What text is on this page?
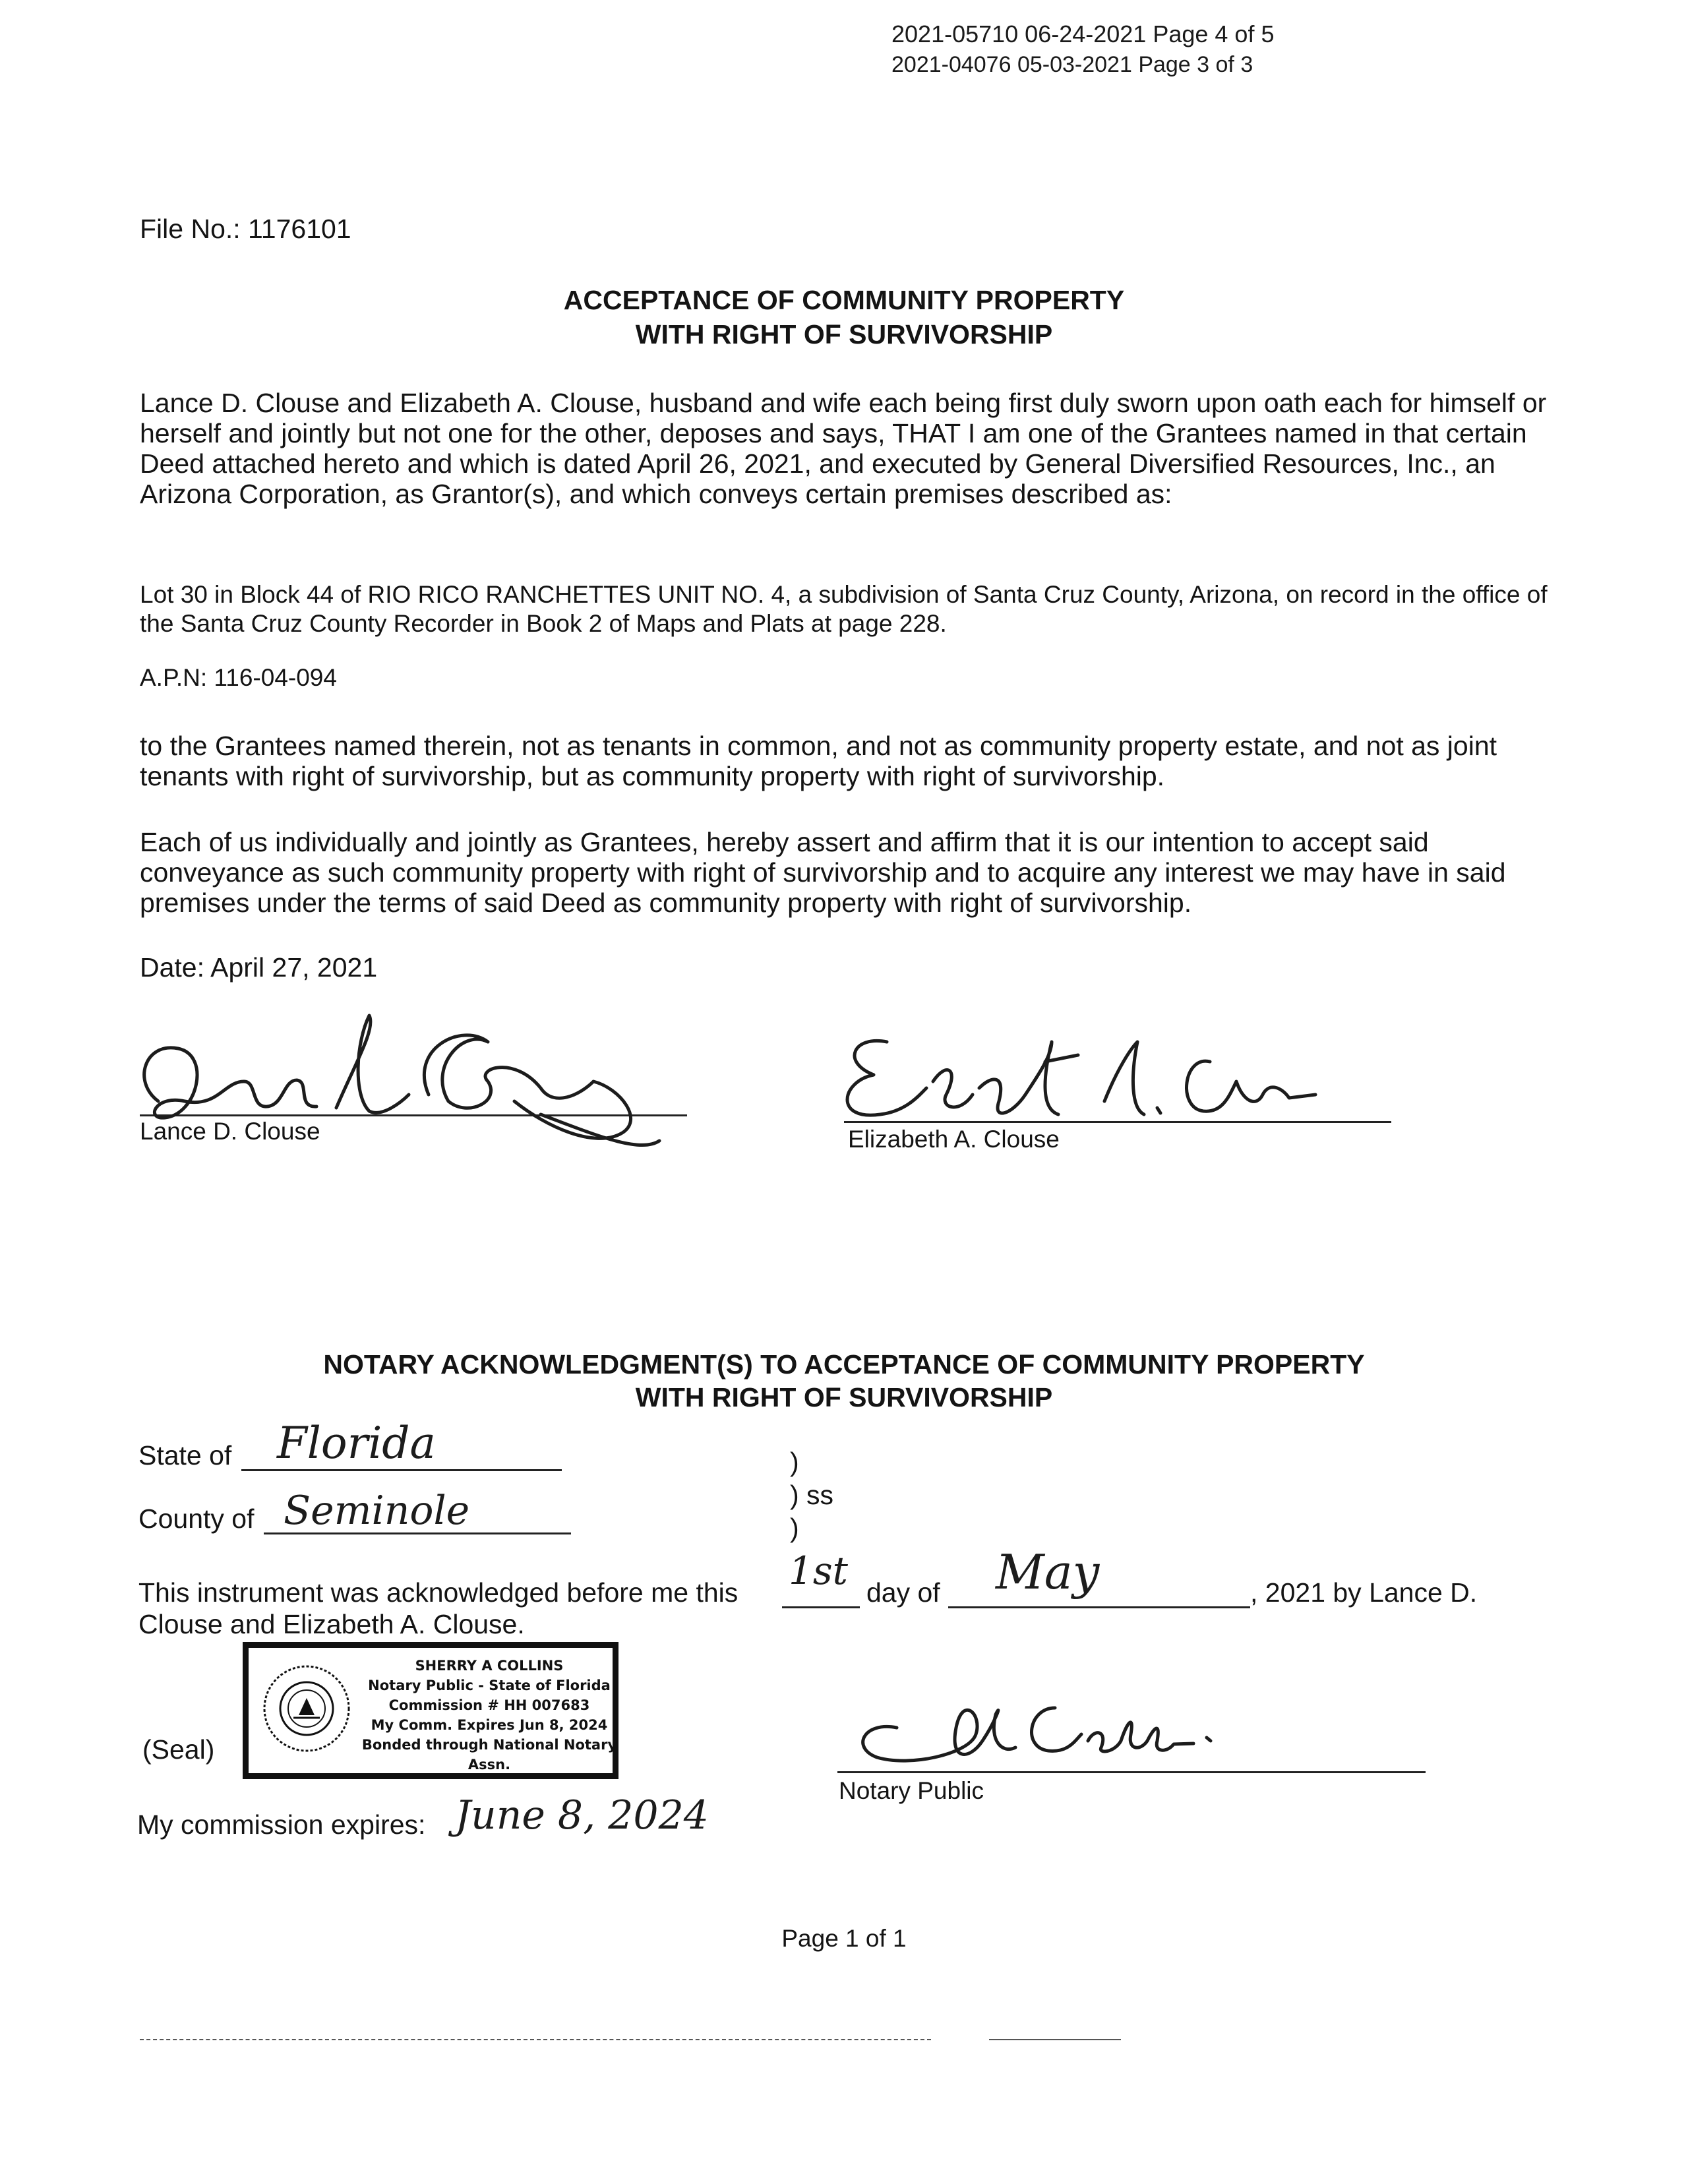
2021-05710 06-24-2021 Page 4 of 5
2021-04076 05-03-2021 Page 3 of 3
File No.: 1176101
ACCEPTANCE OF COMMUNITY PROPERTY
WITH RIGHT OF SURVIVORSHIP
Lance D. Clouse and Elizabeth A. Clouse, husband and wife each being first duly sworn upon oath each for himself or herself and jointly but not one for the other, deposes and says, THAT I am one of the Grantees named in that certain Deed attached hereto and which is dated April 26, 2021, and executed by General Diversified Resources, Inc., an Arizona Corporation, as Grantor(s), and which conveys certain premises described as:
Lot 30 in Block 44 of RIO RICO RANCHETTES UNIT NO. 4, a subdivision of Santa Cruz County, Arizona, on record in the office of the Santa Cruz County Recorder in Book 2 of Maps and Plats at page 228.
A.P.N: 116-04-094
to the Grantees named therein, not as tenants in common, and not as community property estate, and not as joint tenants with right of survivorship, but as community property with right of survivorship.
Each of us individually and jointly as Grantees, hereby assert and affirm that it is our intention to accept said conveyance as such community property with right of survivorship and to acquire any interest we may have in said premises under the terms of said Deed as community property with right of survivorship.
Date: April 27, 2021
Lance D. Clouse	Elizabeth A. Clouse
NOTARY ACKNOWLEDGMENT(S) TO ACCEPTANCE OF COMMUNITY PROPERTY
WITH RIGHT OF SURVIVORSHIP
State of Florida
County of Seminole
)
) ss
)
This instrument was acknowledged before me this 1st day of May	, 2021 by Lance D.
Clouse and Elizabeth A. Clouse.
SHERRY A COLLINS
Notary Public - State of Florida
Commission # HH 007683
My Comm. Expires Jun 8, 2024
Bonded through National Notary Assn.
(Seal)
Notary Public
My commission expires: June 8, 2024
Page 1 of 1
